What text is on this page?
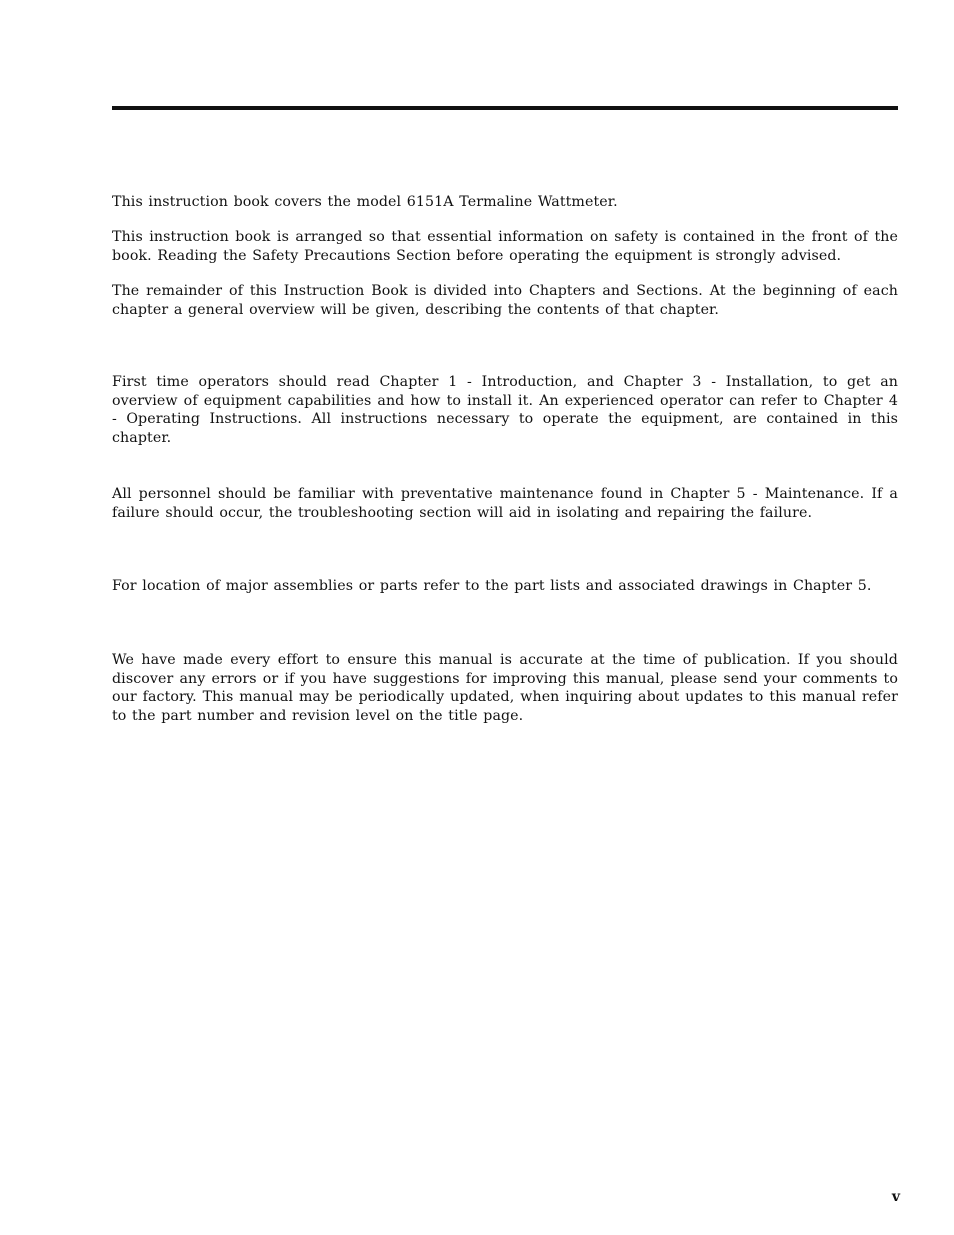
This instruction book covers the model 6151A Termaline Wattmeter.

This instruction book is arranged so that essential information on safety is contained in the front of the book. Reading the Safety Precautions Section before operating the equipment is strongly advised.

The remainder of this Instruction Book is divided into Chapters and Sections. At the beginning of each chapter a general overview will be given, describing the contents of that chapter.

First time operators should read Chapter 1 - Introduction, and Chapter 3 - Installation, to get an overview of equipment capabilities and how to install it. An experienced operator can refer to Chapter 4 - Operating Instructions. All instructions necessary to operate the equipment, are contained in this chapter.

All personnel should be familiar with preventative maintenance found in Chapter 5 - Maintenance. If a failure should occur, the troubleshooting section will aid in isolating and repairing the failure.

For location of major assemblies or parts refer to the part lists and associated drawings in Chapter 5.

We have made every effort to ensure this manual is accurate at the time of publication. If you should discover any errors or if you have suggestions for improving this manual, please send your comments to our factory. This manual may be periodically updated, when inquiring about updates to this manual refer to the part number and revision level on the title page.

v
